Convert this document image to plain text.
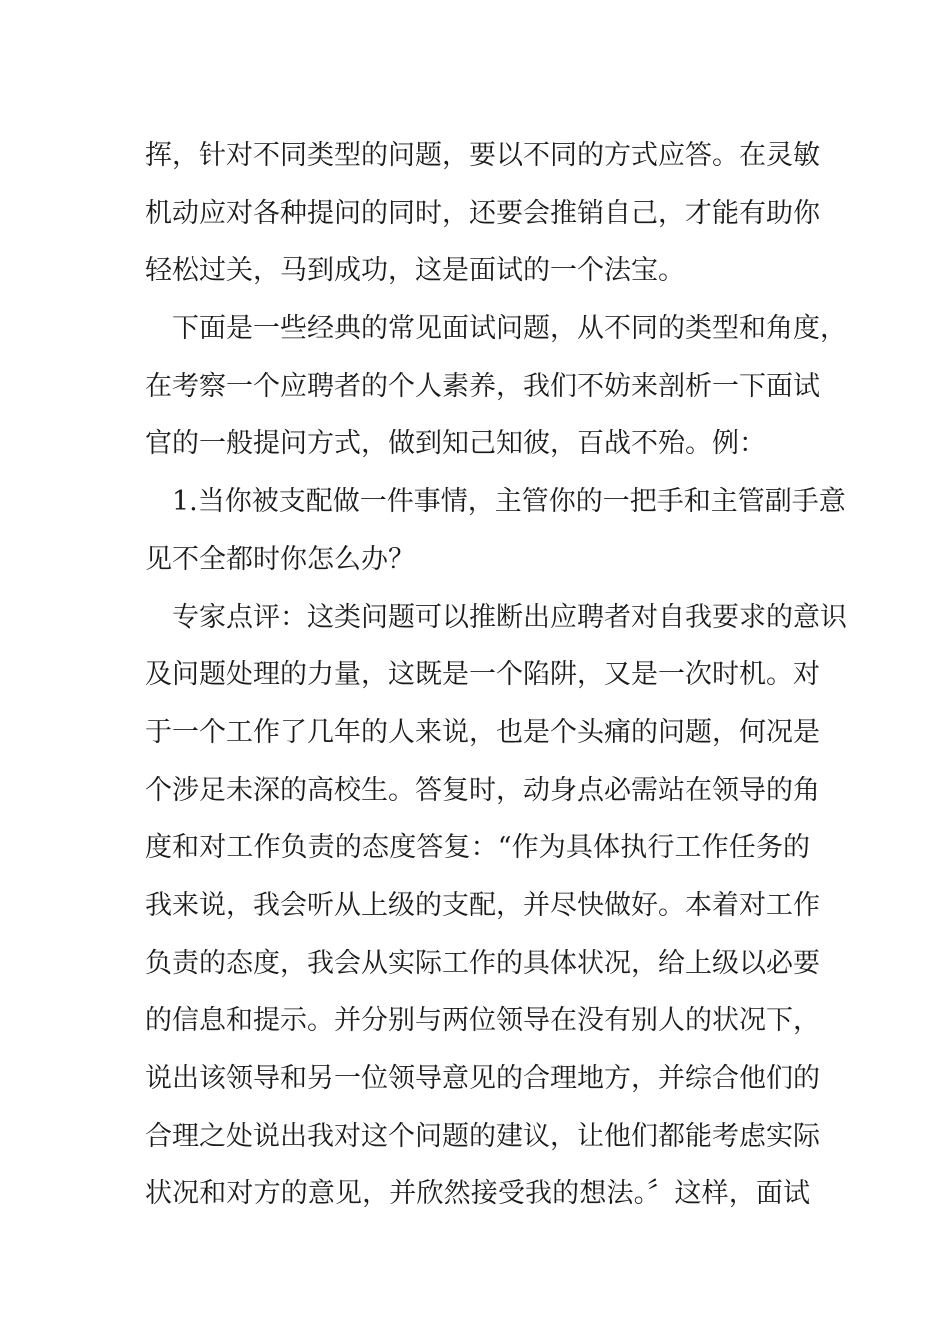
挥，针对不同类型的问题，要以不同的方式应答。在灵敏
机动应对各种提问的同时，还要会推销自己，才能有助你
轻松过关，马到成功，这是面试的一个法宝。
下面是一些经典的常见面试问题，从不同的类型和角度，
在考察一个应聘者的个人素养，我们不妨来剖析一下面试
官的一般提问方式，做到知己知彼，百战不殆。例：
1.当你被支配做一件事情，主管你的一把手和主管副手意
见不全都时你怎么办？
专家点评：这类问题可以推断出应聘者对自我要求的意识
及问题处理的力量，这既是一个陷阱，又是一次时机。对
于一个工作了几年的人来说，也是个头痛的问题，何况是
个涉足未深的高校生。答复时，动身点必需站在领导的角
度和对工作负责的态度答复：“作为具体执行工作任务的
我来说，我会听从上级的支配，并尽快做好。本着对工作
负责的态度，我会从实际工作的具体状况，给上级以必要
的信息和提示。并分别与两位领导在没有别人的状况下，
说出该领导和另一位领导意见的合理地方，并综合他们的
合理之处说出我对这个问题的建议，让他们都能考虑实际
状况和对方的意见，并欣然接受我的想法。〞这样，面试
